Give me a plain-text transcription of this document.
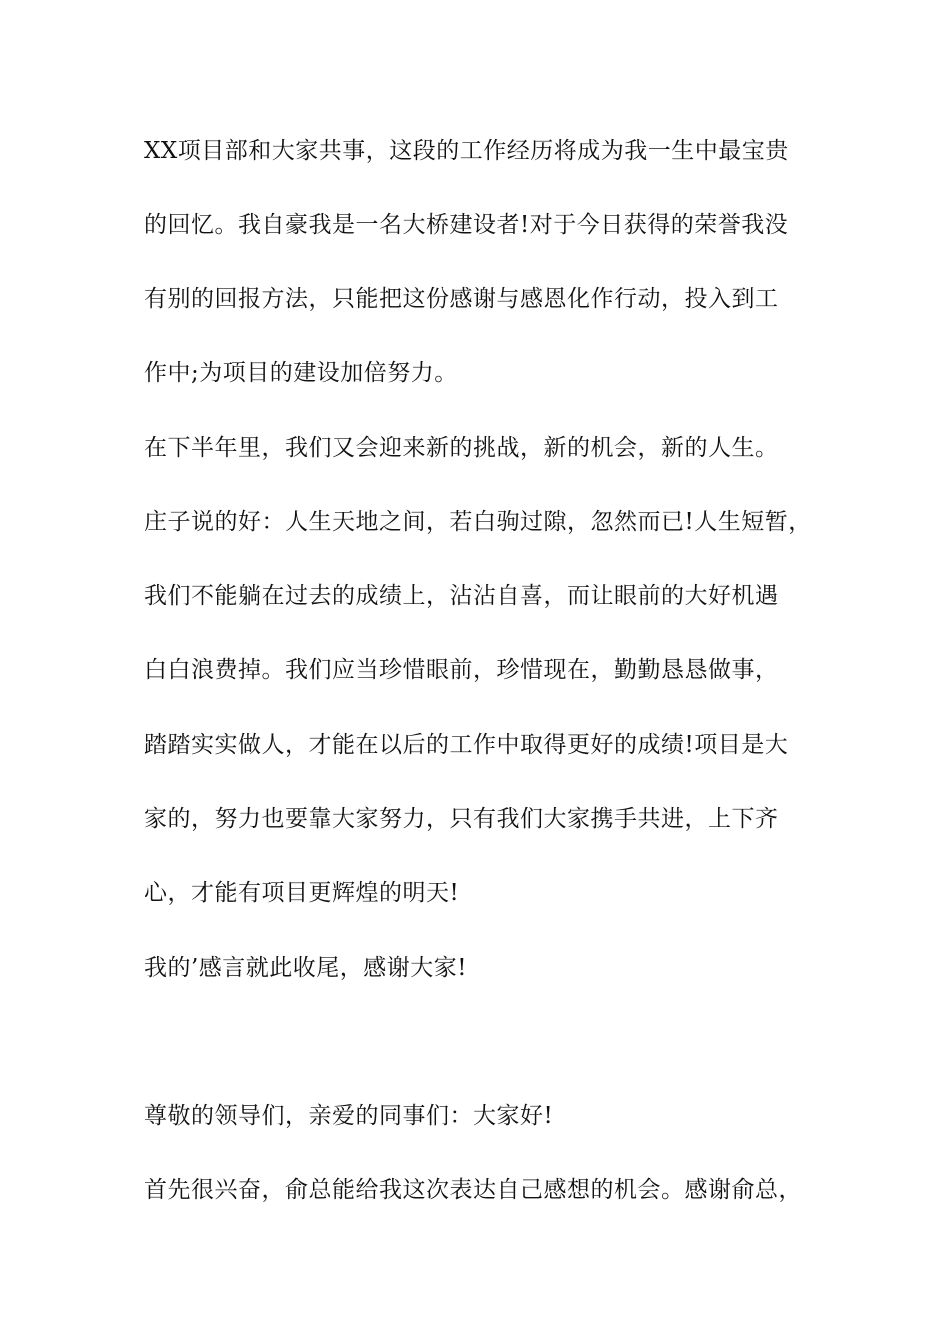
XX项目部和大家共事，这段的工作经历将成为我一生中最宝贵

的回忆。我自豪我是一名大桥建设者!对于今日获得的荣誉我没

有别的回报方法，只能把这份感谢与感恩化作行动，投入到工

作中;为项目的建设加倍努力。

在下半年里，我们又会迎来新的挑战，新的机会，新的人生。

庄子说的好：人生天地之间，若白驹过隙，忽然而已!人生短暂，

我们不能躺在过去的成绩上，沾沾自喜，而让眼前的大好机遇

白白浪费掉。我们应当珍惜眼前，珍惜现在，勤勤恳恳做事，

踏踏实实做人，才能在以后的工作中取得更好的成绩!项目是大

家的，努力也要靠大家努力，只有我们大家携手共进，上下齐

心，才能有项目更辉煌的明天!

我的’感言就此收尾，感谢大家!

尊敬的领导们，亲爱的同事们：大家好!

首先很兴奋，俞总能给我这次表达自己感想的机会。感谢俞总，
